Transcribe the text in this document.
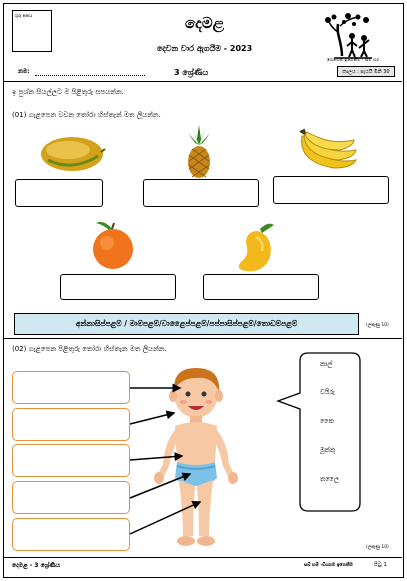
ගුරු අංකය	දෙමළ
දෙවන වාර ඇගයීම - 2023
ගෙවෙත් ඉගෙනීම - සම හර
කාලය : පැයයි මිනි 30
නම:	3 ශ්‍රේණිය
ඉ පුශ්න සියල්ලට ම පිළිතුරු සපයන්න.
(01) ගැළපෙන වචන තෝරා හිස්තැන් මත ලියන්න.
අන්නාසිප්පළම් / මාම්පළම්/වාළෛප්පළම්/පප්පාසිප්පළම්/තොඩම්පළම්	(ලකුණු 10)
(02) ගැළපෙන පිළිතුරු තෝරා හිස්තැන මත ලියන්න.
කාල්
වයිරු
කෛ
මූක්කු
තලෛ
(ලකුණු 10)
දෙමළ - 3 ශ්‍රේණිය	සබ් හම් -ඩියගම ඉගෙනීම	පිටු 1
